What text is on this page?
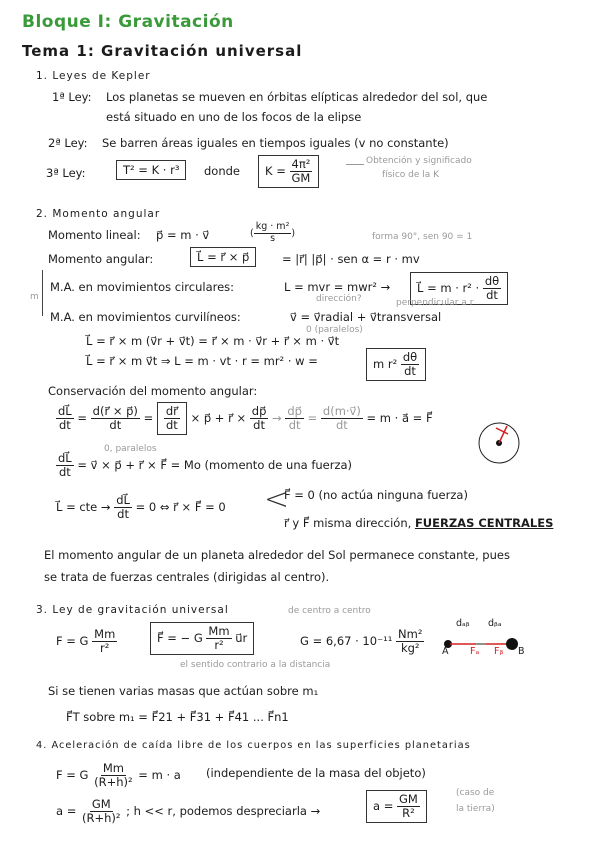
Bloque I: Gravitación
Tema 1: Gravitación universal
1. Leyes de Kepler
1ª Ley: Los planetas se mueven en órbitas elípticas alrededor del sol, que
está situado en uno de los focos de la elipse
2ª Ley: Se barren áreas iguales en tiempos iguales (v no constante)
3ª Ley:	T² = K · r³	donde	$K = \frac{\text{4π²}}{GM}$	Obtención y significado
físico de la K
2. Momento angular
Momento lineal: p⃗ = m · v⃗	( $\frac{\text{kg · m²}}{s}$ )	forma 90°, sen 90 = 1
Momento angular:	L⃗ = r⃗ × p⃗	= |r⃗| |p⃗| · sen α = r · mv
m
M.A. en movimientos circulares:	L = mvr = mwr² →	L⃗ = $m \cdot r^2 \cdot \frac{d\theta}{dt}$
dirección?	perpendicular a r
M.A. en movimientos curvilíneos:	v⃗ = v⃗radial + v⃗transversal
0 (paralelos)
L⃗ = r⃗ × m (v⃗r + v⃗t) = r⃗ × m · v⃗r + r⃗ × m · v⃗t
L⃗ = r⃗ × m v⃗t ⇒ L = m · vt · r = mr² · w =	m $r^2 \frac{d\theta}{dt}$
Conservación del momento angular:
$\frac{dL⃗}{dt} = \frac{d(r⃗ \times p⃗)}{dt} = \frac{dr⃗}{dt}$ × p⃗ + r⃗ × $\frac{dp⃗}{dt} \to \frac{dp⃗}{dt} = \frac{d(m\cdot v⃗)}{dt} = m$ · a⃗ = F⃗
0, paralelos
$\frac{dL⃗}{dt}$ = v⃗ × p⃗ + r⃗ × F⃗ = Mo (momento de una fuerza)
L⃗ = cte → $\frac{dL⃗}{dt} = 0$ ⇔ r⃗ × F⃗ = 0 <
F⃗ = 0 (no actúa ninguna fuerza)
r⃗ y F⃗ misma dirección, FUERZAS CENTRALES
El momento angular de un planeta alrededor del Sol permanece constante, pues
se trata de fuerzas centrales (dirigidas al centro).
3. Ley de gravitación universal	de centro a centro
F = G $\frac{Mm}{\text{r²}}$	F⃗ = − G $\frac{Mm}{\text{r²}}$ u⃗r
el sentido contrario a la distancia
$G = 6,67 \cdot 10^{-11} \frac{\text{Nm²}}{\text{kg²}}$
dₐᵦ dᵦₐ
A	B
Fₐ Fᵦ
Si se tienen varias masas que actúan sobre m₁
F⃗T sobre m₁ = F⃗21 + F⃗31 + F⃗41 ... F⃗n1
4. Aceleración de caída libre de los cuerpos en las superficies planetarias
F = G $\frac{Mm}{\text{(R+h)²}} = m \cdot a$ (independiente de la masa del objeto)
$a = \frac{GM}{\text{(R+h)²}}$ ; h << r, podemos despreciarla →	$a = \frac{GM}{\text{R²}}$	(caso de
la tierra)
